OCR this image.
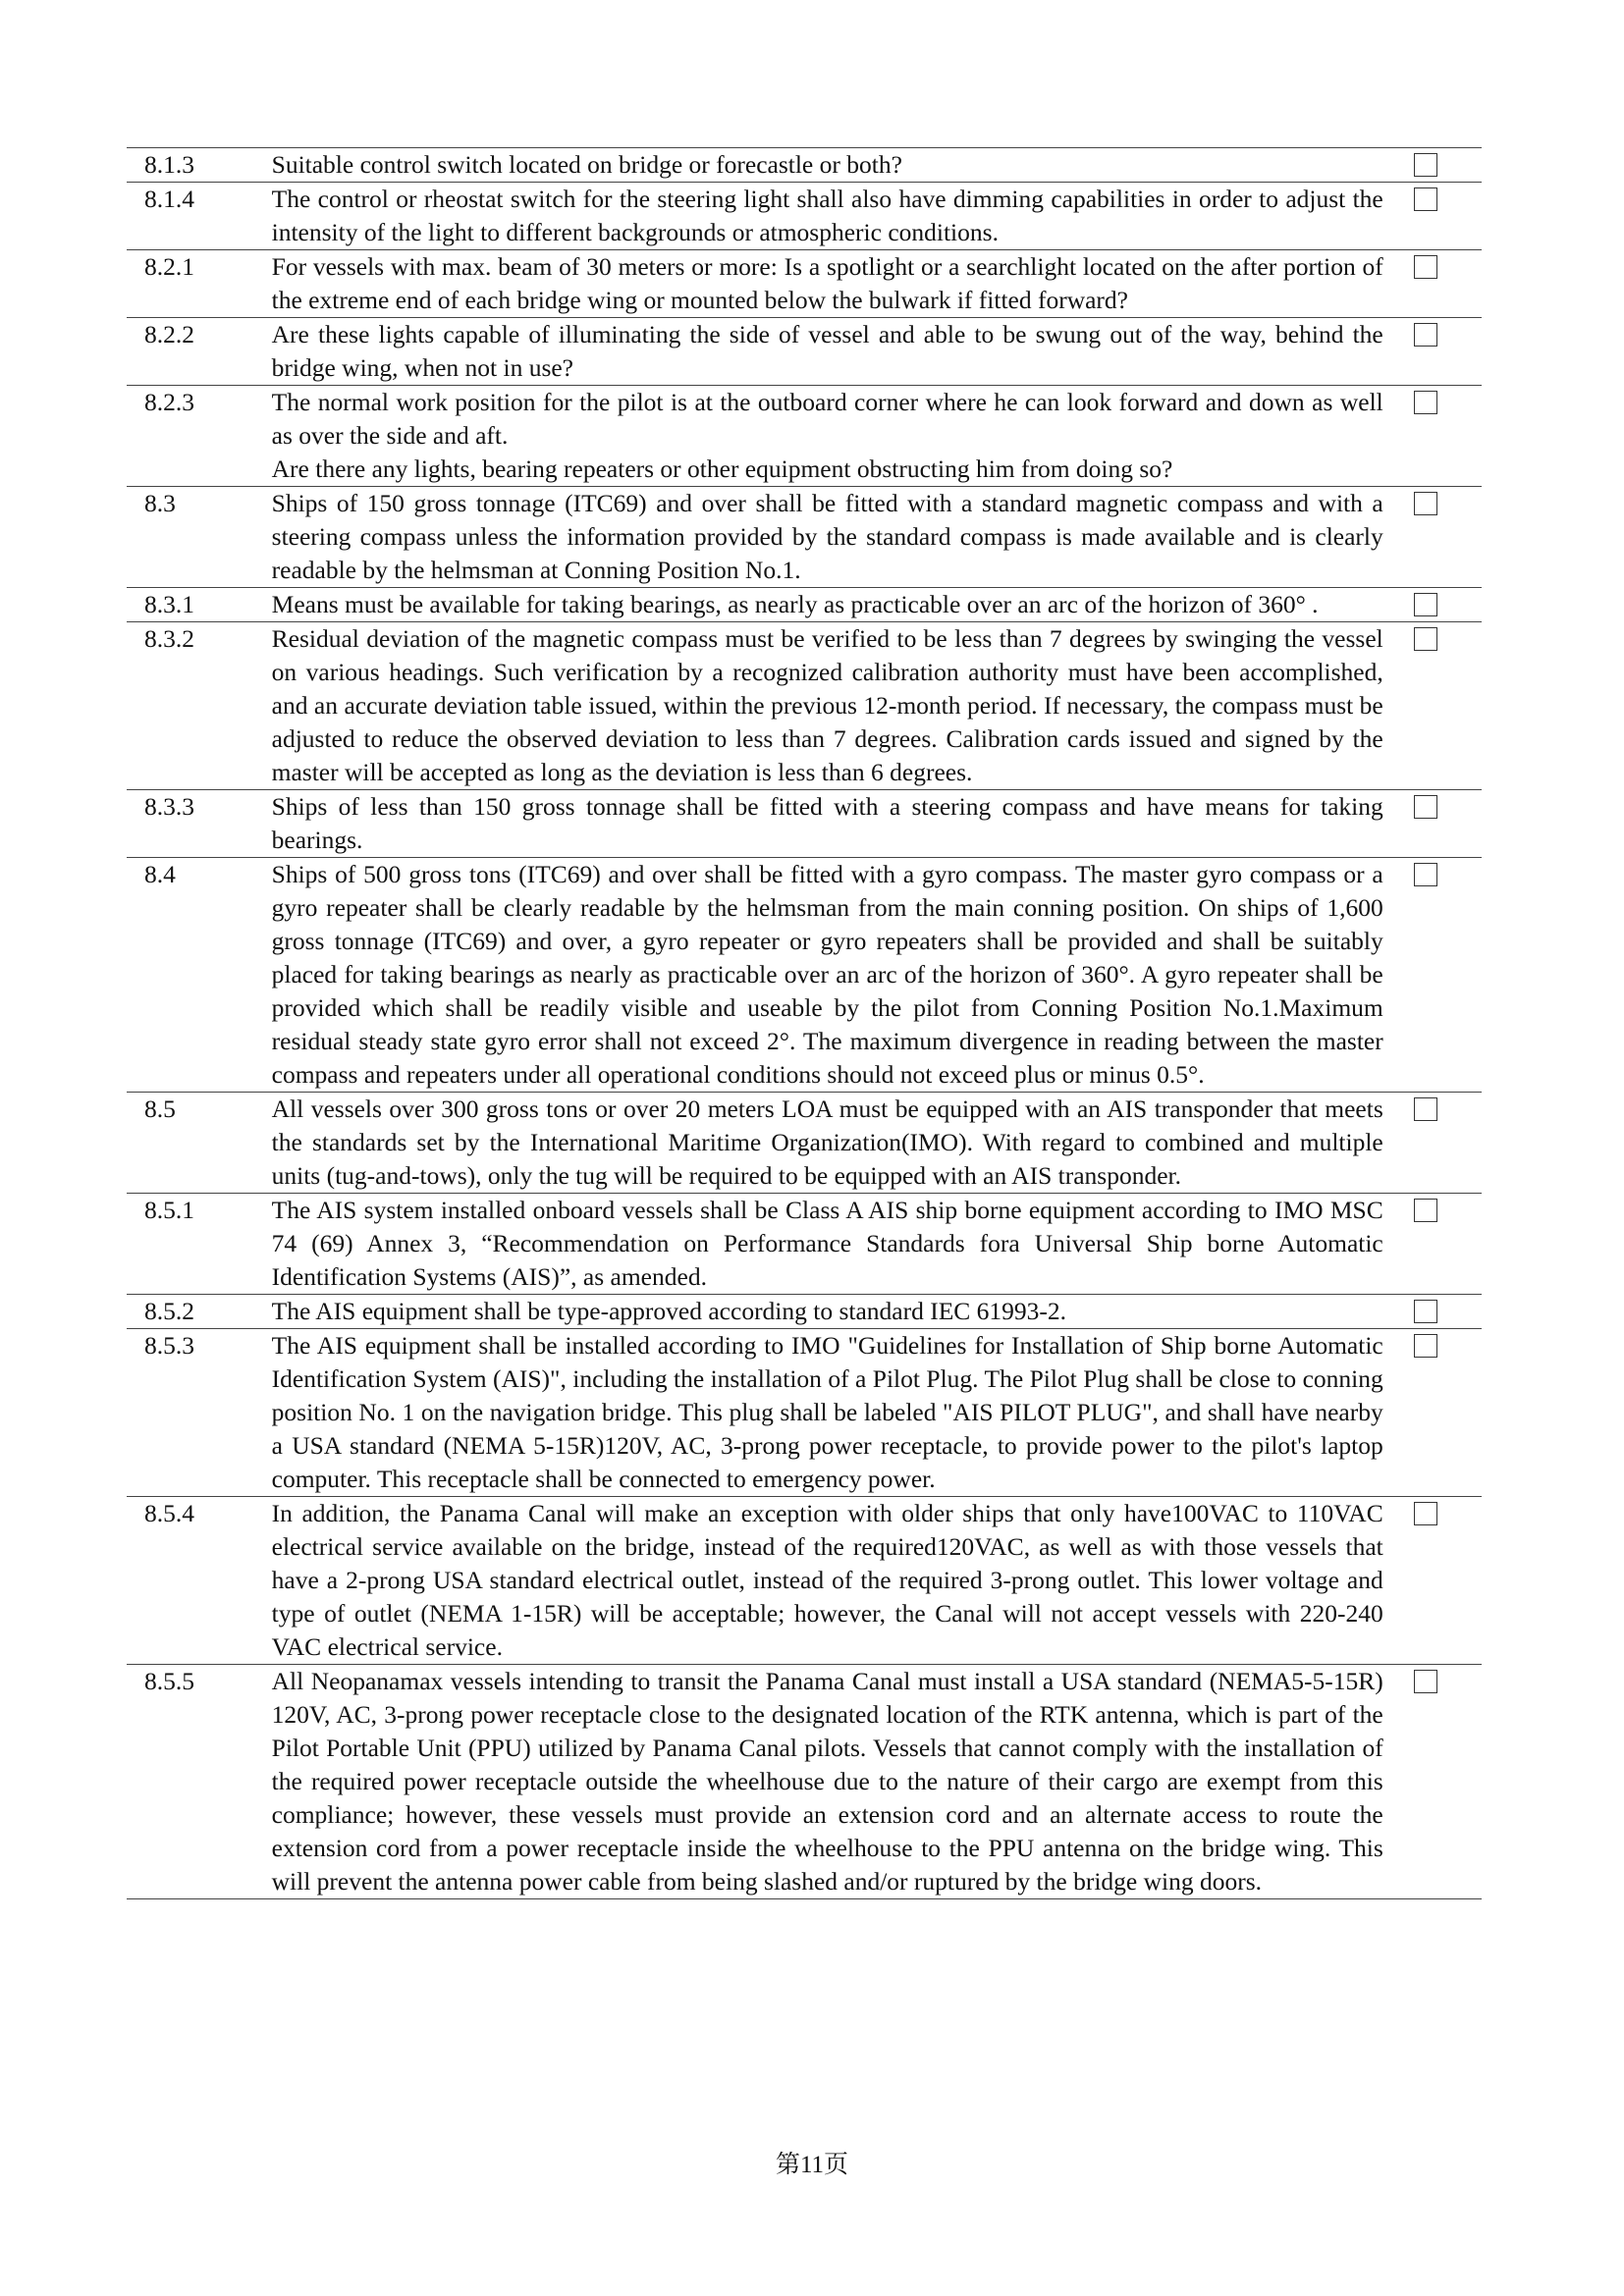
8.1.3	Suitable control switch located on bridge or forecastle or both?	

8.1.4	The control or rheostat switch for the steering light shall also have dimming capabilities in order to adjust the intensity of the light to different backgrounds or atmospheric conditions.	

8.2.1	For vessels with max. beam of 30 meters or more: Is a spotlight or a searchlight located on the after portion of the extreme end of each bridge wing or mounted below the bulwark if fitted forward?	

8.2.2	Are these lights capable of illuminating the side of vessel and able to be swung out of the way, behind the bridge wing, when not in use?	

8.2.3	The normal work position for the pilot is at the outboard corner where he can look forward and down as well as over the side and aft.

Are there any lights, bearing repeaters or other equipment obstructing him from doing so?	

8.3	Ships of 150 gross tonnage (ITC69) and over shall be fitted with a standard magnetic compass and with a steering compass unless the information provided by the standard compass is made available and is clearly readable by the helmsman at Conning Position No.1.	

8.3.1	Means must be available for taking bearings, as nearly as practicable over an arc of the horizon of 360° .	

8.3.2	Residual deviation of the magnetic compass must be verified to be less than 7 degrees by swinging the vessel on various headings. Such verification by a recognized calibration authority must have been accomplished, and an accurate deviation table issued, within the previous 12-month period. If necessary, the compass must be adjusted to reduce the observed deviation to less than 7 degrees. Calibration cards issued and signed by the master will be accepted as long as the deviation is less than 6 degrees.	

8.3.3	Ships of less than 150 gross tonnage shall be fitted with a steering compass and have means for taking bearings.	

8.4	Ships of 500 gross tons (ITC69) and over shall be fitted with a gyro compass. The master gyro compass or a gyro repeater shall be clearly readable by the helmsman from the main conning position. On ships of 1,600 gross tonnage (ITC69) and over, a gyro repeater or gyro repeaters shall be provided and shall be suitably placed for taking bearings as nearly as practicable over an arc of the horizon of 360°. A gyro repeater shall be provided which shall be readily visible and useable by the pilot from Conning Position No.1.Maximum residual steady state gyro error shall not exceed 2°. The maximum divergence in reading between the master compass and repeaters under all operational conditions should not exceed plus or minus 0.5°.	

8.5	All vessels over 300 gross tons or over 20 meters LOA must be equipped with an AIS transponder that meets the standards set by the International Maritime Organization(IMO). With regard to combined and multiple units (tug-and-tows), only the tug will be required to be equipped with an AIS transponder.	

8.5.1	The AIS system installed onboard vessels shall be Class A AIS ship borne equipment according to IMO MSC 74 (69) Annex 3, “Recommendation on Performance Standards fora Universal Ship borne Automatic Identification Systems (AIS)”, as amended.	

8.5.2	The AIS equipment shall be type-approved according to standard IEC 61993-2.	

8.5.3	The AIS equipment shall be installed according to IMO "Guidelines for Installation of Ship borne Automatic Identification System (AIS)", including the installation of a Pilot Plug. The Pilot Plug shall be close to conning position No. 1 on the navigation bridge. This plug shall be labeled "AIS PILOT PLUG", and shall have nearby a USA standard (NEMA 5-15R)120V, AC, 3-prong power receptacle, to provide power to the pilot's laptop computer. This receptacle shall be connected to emergency power.	

8.5.4	In addition, the Panama Canal will make an exception with older ships that only have100VAC to 110VAC electrical service available on the bridge, instead of the required120VAC, as well as with those vessels that have a 2-prong USA standard electrical outlet, instead of the required 3-prong outlet. This lower voltage and type of outlet (NEMA 1-15R) will be acceptable; however, the Canal will not accept vessels with 220-240 VAC electrical service.	

8.5.5	All Neopanamax vessels intending to transit the Panama Canal must install a USA standard (NEMA5-5-15R) 120V, AC, 3-prong power receptacle close to the designated location of the RTK antenna, which is part of the Pilot Portable Unit (PPU) utilized by Panama Canal pilots. Vessels that cannot comply with the installation of the required power receptacle outside the wheelhouse due to the nature of their cargo are exempt from this compliance; however, these vessels must provide an extension cord and an alternate access to route the extension cord from a power receptacle inside the wheelhouse to the PPU antenna on the bridge wing. This will prevent the antenna power cable from being slashed and/or ruptured by the bridge wing doors.	

第11页
